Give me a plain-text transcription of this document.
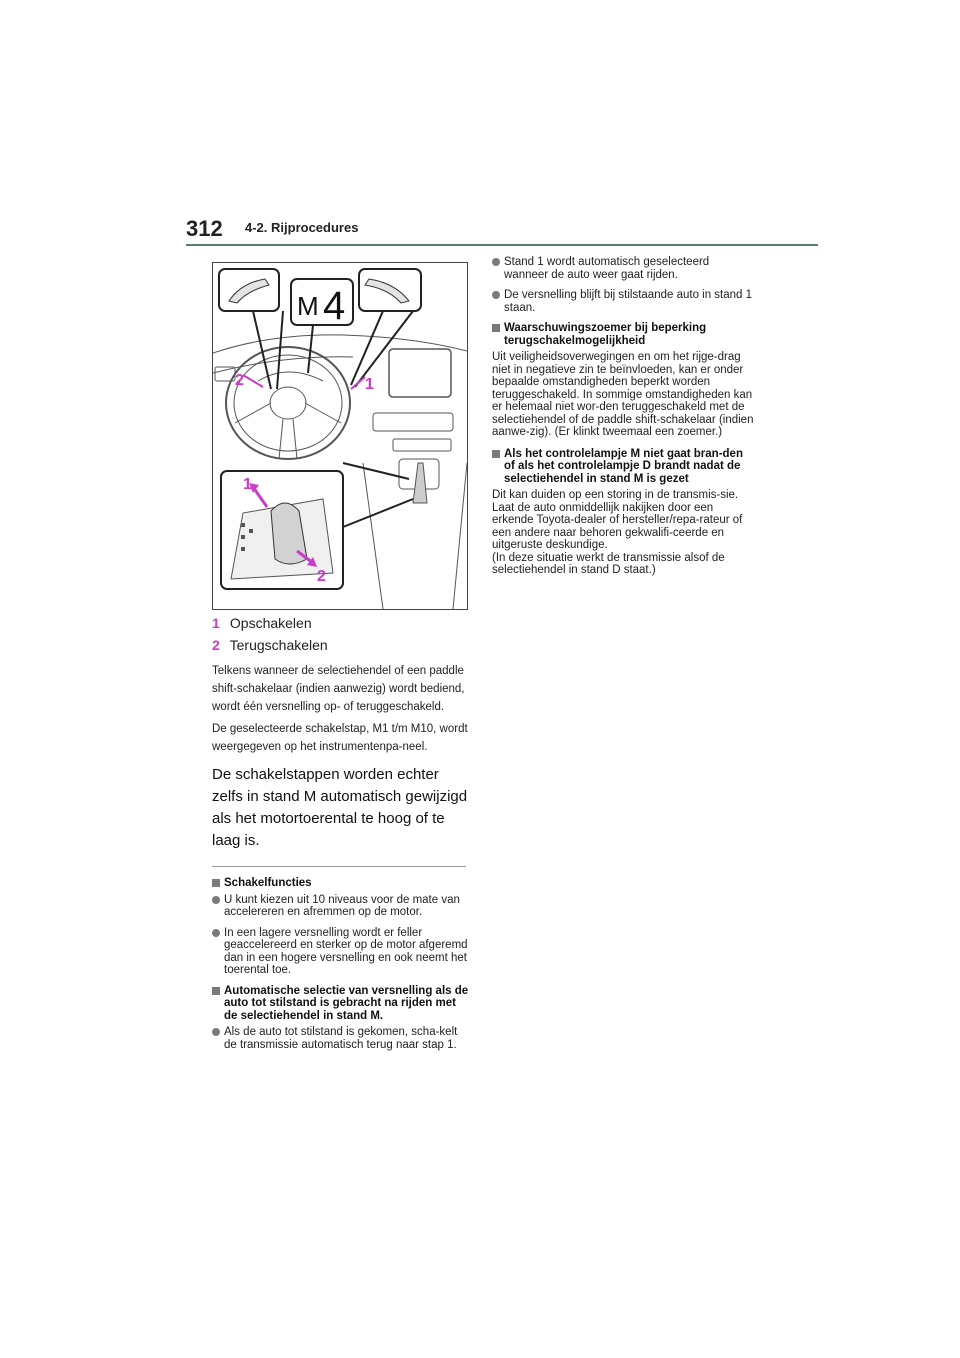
312 4-2. Rijprocedures
M 4
2	1
1
2
1 Opschakelen
2 Terugschakelen

Telkens wanneer de selectiehendel of een paddle shift-schakelaar (indien aanwezig) wordt bediend, wordt één versnelling op- of teruggeschakeld.

De geselecteerde schakelstap, M1 t/m M10, wordt weergegeven op het instrumentenpa-neel.

De schakelstappen worden echter zelfs in stand M automatisch gewijzigd als het motortoerental te hoog of te laag is.

Schakelfuncties
U kunt kiezen uit 10 niveaus voor de mate van accelereren en afremmen op de motor.
In een lagere versnelling wordt er feller geaccelereerd en sterker op de motor afgeremd dan in een hogere versnelling en ook neemt het toerental toe.
Automatische selectie van versnelling als de auto tot stilstand is gebracht na rijden met de selectiehendel in stand M.
Als de auto tot stilstand is gekomen, scha-kelt de transmissie automatisch terug naar stap 1.
Stand 1 wordt automatisch geselecteerd wanneer de auto weer gaat rijden.
De versnelling blijft bij stilstaande auto in stand 1 staan.
Waarschuwingszoemer bij beperking terugschakelmogelijkheid

Uit veiligheidsoverwegingen en om het rijge-drag niet in negatieve zin te beïnvloeden, kan er onder bepaalde omstandigheden beperkt worden teruggeschakeld. In sommige omstandigheden kan er helemaal niet wor-den teruggeschakeld met de selectiehendel of de paddle shift-schakelaar (indien aanwe-zig). (Er klinkt tweemaal een zoemer.)

Als het controlelampje M niet gaat bran-den of als het controlelampje D brandt nadat de selectiehendel in stand M is gezet

Dit kan duiden op een storing in de transmis-sie. Laat de auto onmiddellijk nakijken door een erkende Toyota-dealer of hersteller/repa-rateur of een andere naar behoren gekwalifi-ceerde en uitgeruste deskundige.

(In deze situatie werkt de transmissie alsof de selectiehendel in stand D staat.)
